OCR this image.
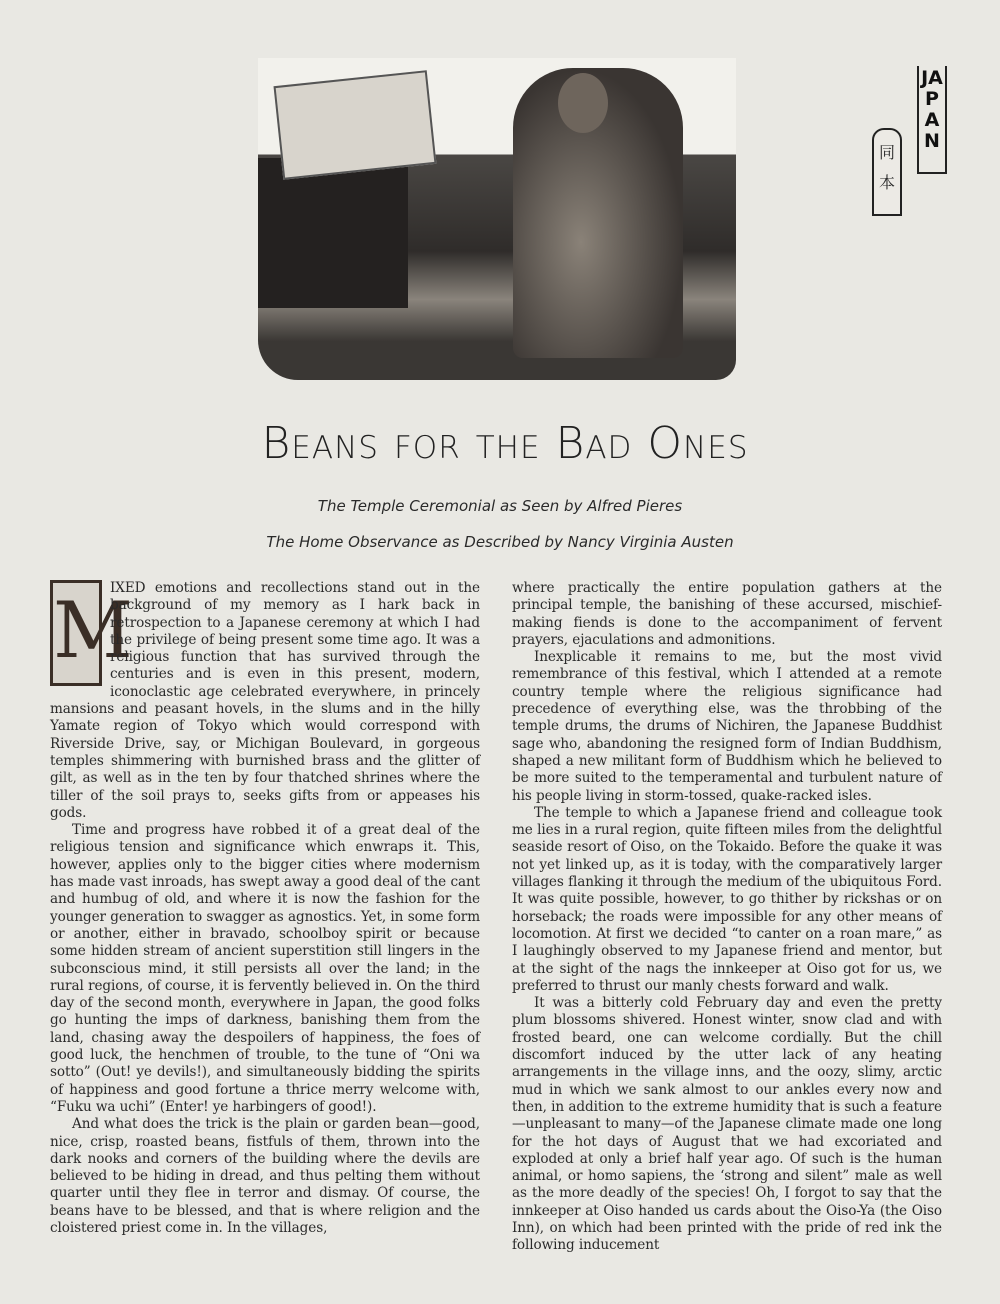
JAPAN
同本
Beans for the Bad Ones
The Temple Ceremonial as Seen by Alfred Pieres
The Home Observance as Described by Nancy Virginia Austen

M
IXED emotions and recollections stand out in the background of my memory as I hark back in retrospection to a Japanese ceremony at which I had the privilege of being present some time ago. It was a religious function that has survived through the centuries and is even in this present, modern, iconoclastic age celebrated everywhere, in princely mansions and peasant hovels, in the slums and in the hilly Yamate region of Tokyo which would correspond with Riverside Drive, say, or Michigan Boulevard, in gorgeous temples shimmering with burnished brass and the glitter of gilt, as well as in the ten by four thatched shrines where the tiller of the soil prays to, seeks gifts from or appeases his gods.

Time and progress have robbed it of a great deal of the religious tension and significance which enwraps it. This, however, applies only to the bigger cities where modernism has made vast inroads, has swept away a good deal of the cant and humbug of old, and where it is now the fashion for the younger generation to swagger as agnostics. Yet, in some form or another, either in bravado, schoolboy spirit or because some hidden stream of ancient superstition still lingers in the subconscious mind, it still persists all over the land; in the rural regions, of course, it is fervently believed in. On the third day of the second month, everywhere in Japan, the good folks go hunting the imps of darkness, banishing them from the land, chasing away the despoilers of happiness, the foes of good luck, the henchmen of trouble, to the tune of “Oni wa sotto” (Out! ye devils!), and simultaneously bidding the spirits of happiness and good fortune a thrice merry welcome with, “Fuku wa uchi” (Enter! ye harbingers of good!).

And what does the trick is the plain or garden bean—good, nice, crisp, roasted beans, fistfuls of them, thrown into the dark nooks and corners of the building where the devils are believed to be hiding in dread, and thus pelting them without quarter until they flee in terror and dismay. Of course, the beans have to be blessed, and that is where religion and the cloistered priest come in. In the villages,

where practically the entire population gathers at the principal temple, the banishing of these accursed, mischief-making fiends is done to the accompaniment of fervent prayers, ejaculations and admonitions.

Inexplicable it remains to me, but the most vivid remembrance of this festival, which I attended at a remote country temple where the religious significance had precedence of everything else, was the throbbing of the temple drums, the drums of Nichiren, the Japanese Buddhist sage who, abandoning the resigned form of Indian Buddhism, shaped a new militant form of Buddhism which he believed to be more suited to the temperamental and turbulent nature of his people living in storm-tossed, quake-racked isles.

The temple to which a Japanese friend and colleague took me lies in a rural region, quite fifteen miles from the delightful seaside resort of Oiso, on the Tokaido. Before the quake it was not yet linked up, as it is today, with the comparatively larger villages flanking it through the medium of the ubiquitous Ford. It was quite possible, however, to go thither by rickshas or on horseback; the roads were impossible for any other means of locomotion. At first we decided “to canter on a roan mare,” as I laughingly observed to my Japanese friend and mentor, but at the sight of the nags the innkeeper at Oiso got for us, we preferred to thrust our manly chests forward and walk.

It was a bitterly cold February day and even the pretty plum blossoms shivered. Honest winter, snow clad and with frosted beard, one can welcome cordially. But the chill discomfort induced by the utter lack of any heating arrangements in the village inns, and the oozy, slimy, arctic mud in which we sank almost to our ankles every now and then, in addition to the extreme humidity that is such a feature—unpleasant to many—of the Japanese climate made one long for the hot days of August that we had excoriated and exploded at only a brief half year ago. Of such is the human animal, or homo sapiens, the ‘strong and silent” male as well as the more deadly of the species! Oh, I forgot to say that the innkeeper at Oiso handed us cards about the Oiso-Ya (the Oiso Inn), on which had been printed with the pride of red ink the following inducement
